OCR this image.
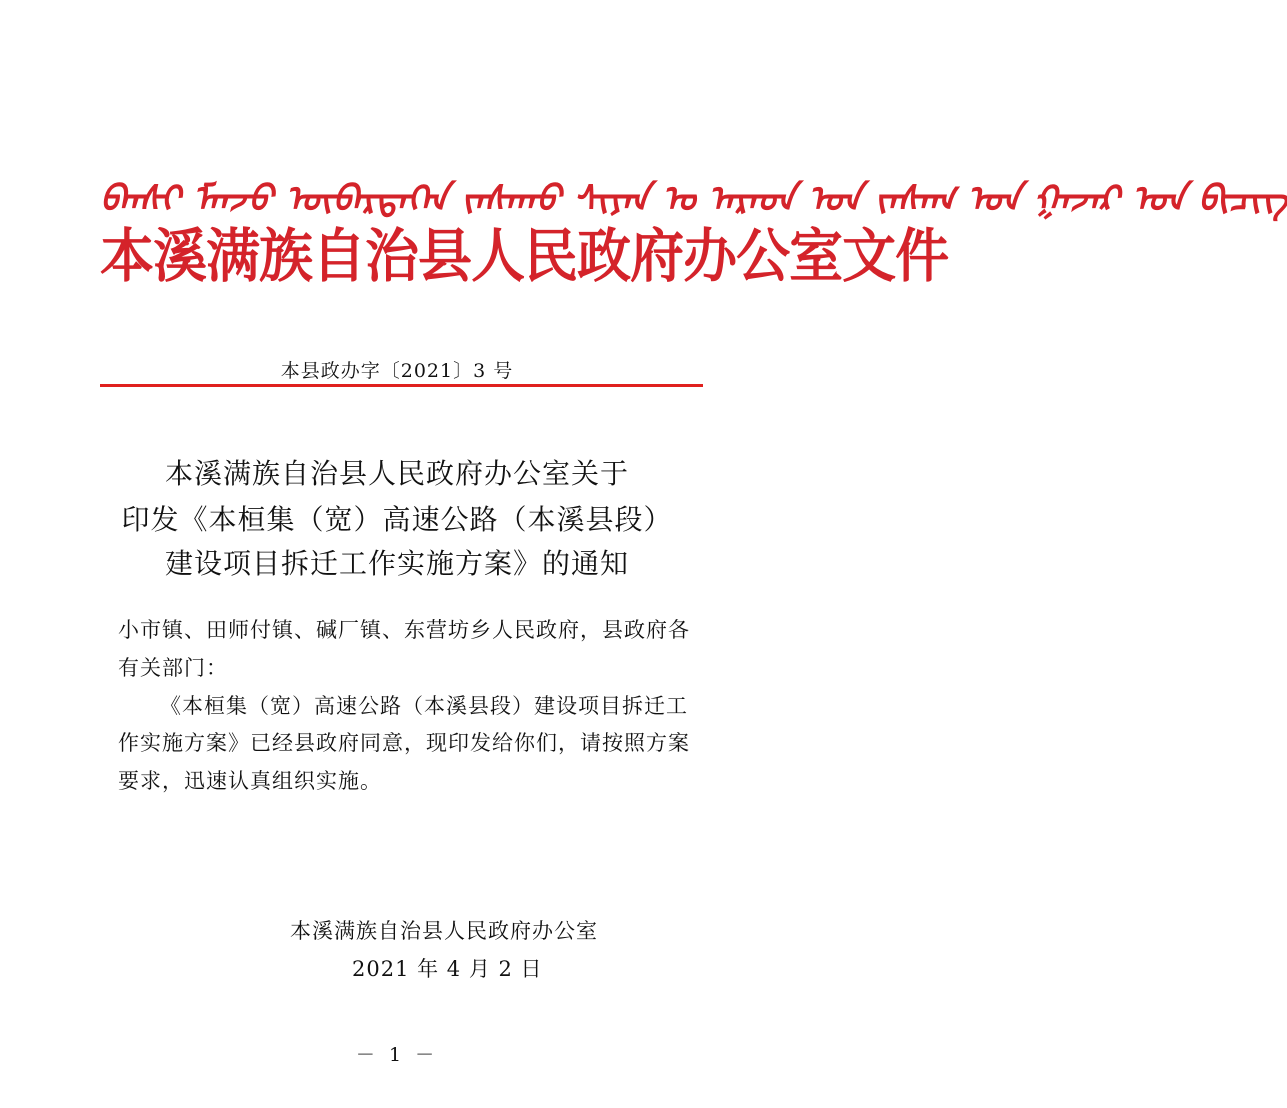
ᠪᠡᠨᠰᠢ ᠮᠠᠨᠵᠤ ᠥᠪᠡᠷᠲᠡᠭᠡᠨ ᠵᠠᠰᠠᠬᠤ ᠰᠢᠶᠠᠨ ᠤ ᠠᠷᠠᠳ ᠤᠨ ᠵᠠᠰᠠᠭ ᠤᠨ ᠭᠠᠵᠠᠷ ᠤᠨ ᠪᠢᠴᠢᠭ
本溪满族自治县人民政府办公室文件
本县政办字〔2021〕3 号
本溪满族自治县人民政府办公室关于
印发《本桓集（宽）高速公路（本溪县段）
建设项目拆迁工作实施方案》的通知
小市镇、田师付镇、碱厂镇、东营坊乡人民政府，县政府各
有关部门：
《本桓集（宽）高速公路（本溪县段）建设项目拆迁工
作实施方案》已经县政府同意，现印发给你们，请按照方案
要求，迅速认真组织实施。
本溪满族自治县人民政府办公室
2021 年 4 月 2 日
－ 1 －
